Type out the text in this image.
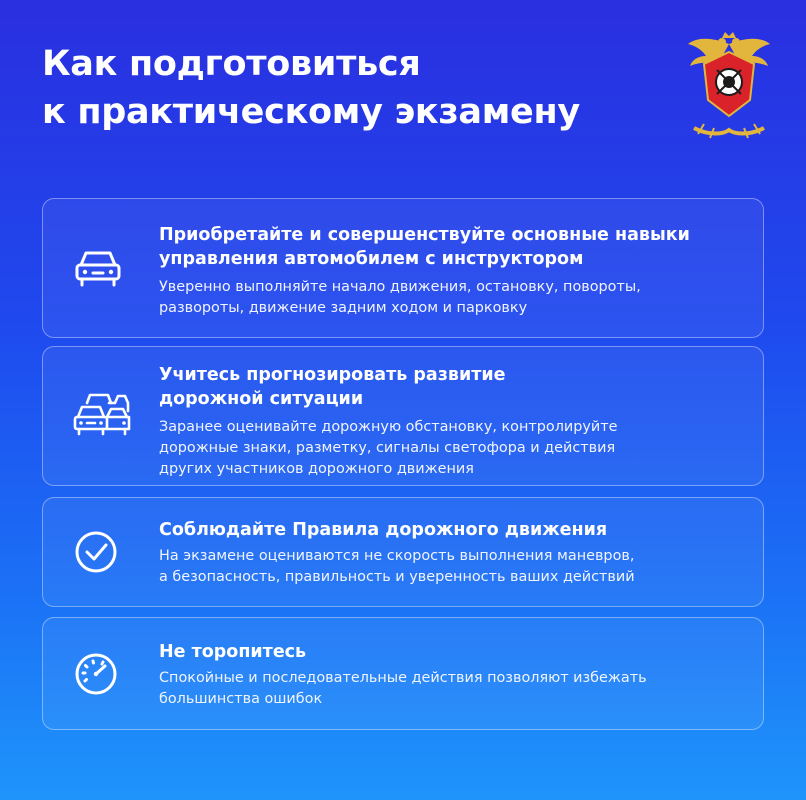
Как подготовиться
к практическому экзамену

Приобретайте и совершенствуйте основные навыки
управления автомобилем с инструктором

Уверенно выполняйте начало движения, остановку, повороты,
развороты, движение задним ходом и парковку

Учитесь прогнозировать развитие
дорожной ситуации

Заранее оценивайте дорожную обстановку, контролируйте
дорожные знаки, разметку, сигналы светофора и действия
других участников дорожного движения

Соблюдайте Правила дорожного движения

На экзамене оцениваются не скорость выполнения маневров,
а безопасность, правильность и уверенность ваших действий

Не торопитесь

Спокойные и последовательные действия позволяют избежать
большинства ошибок
